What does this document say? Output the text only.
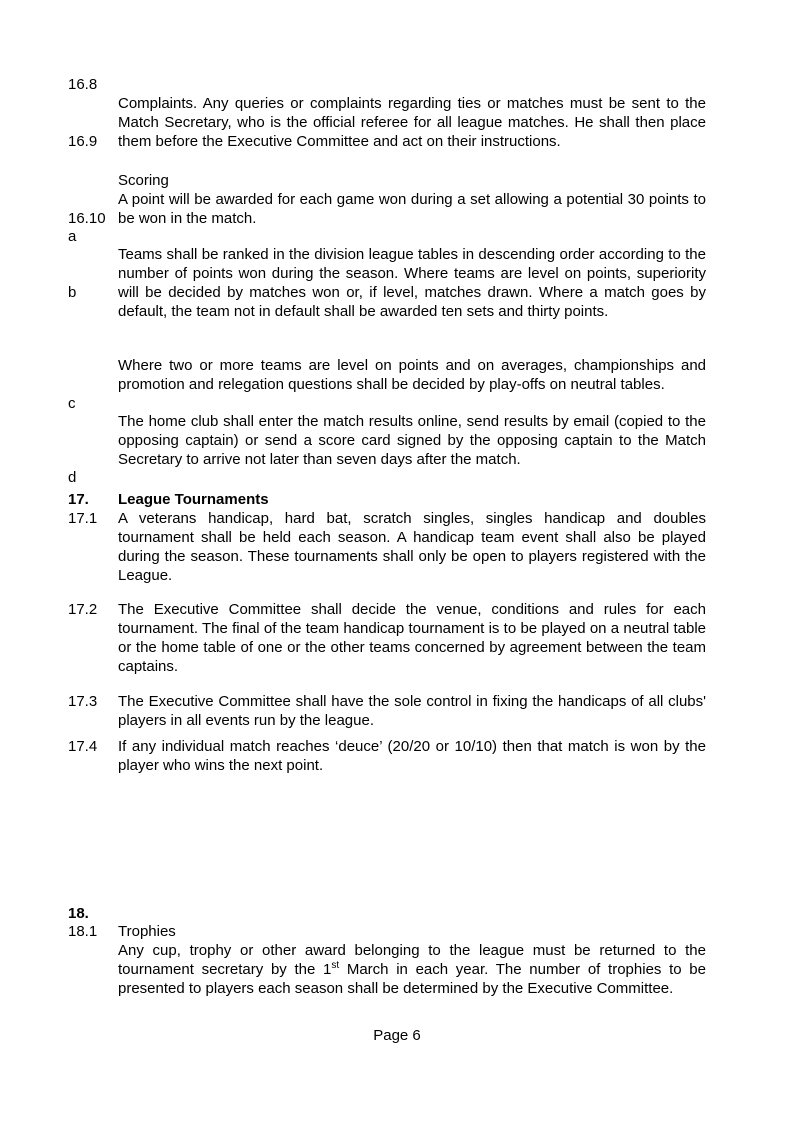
16.8
16.9
16.10
a
b
c
d
17.
17.1
17.2
17.3
17.4
18.
18.1
Complaints. Any queries or complaints regarding ties or matches must be sent to the Match Secretary, who is the official referee for all league matches. He shall then place them before the Executive Committee and act on their instructions.
Scoring
A point will be awarded for each game won during a set allowing a potential 30 points to be won in the match.
Teams shall be ranked in the division league tables in descending order according to the number of points won during the season. Where teams are level on points, superiority will be decided by matches won or, if level, matches drawn. Where a match goes by default, the team not in default shall be awarded ten sets and thirty points.
Where two or more teams are level on points and on averages, championships and promotion and relegation questions shall be decided by play-offs on neutral tables.
The home club shall enter the match results online, send results by email (copied to the opposing captain) or send a score card signed by the opposing captain to the Match Secretary to arrive not later than seven days after the match.
League Tournaments
A veterans handicap, hard bat, scratch singles, singles handicap and doubles tournament shall be held each season. A handicap team event shall also be played during the season. These tournaments shall only be open to players registered with the League.
The Executive Committee shall decide the venue, conditions and rules for each tournament. The final of the team handicap tournament is to be played on a neutral table or the home table of one or the other teams concerned by agreement between the team captains.
The Executive Committee shall have the sole control in fixing the handicaps of all clubs' players in all events run by the league.
If any individual match reaches ‘deuce’ (20/20 or 10/10) then that match is won by the player who wins the next point.
Trophies
Any cup, trophy or other award belonging to the league must be returned to the tournament secretary by the 1st March in each year. The number of trophies to be presented to players each season shall be determined by the Executive Committee.
Page 6
